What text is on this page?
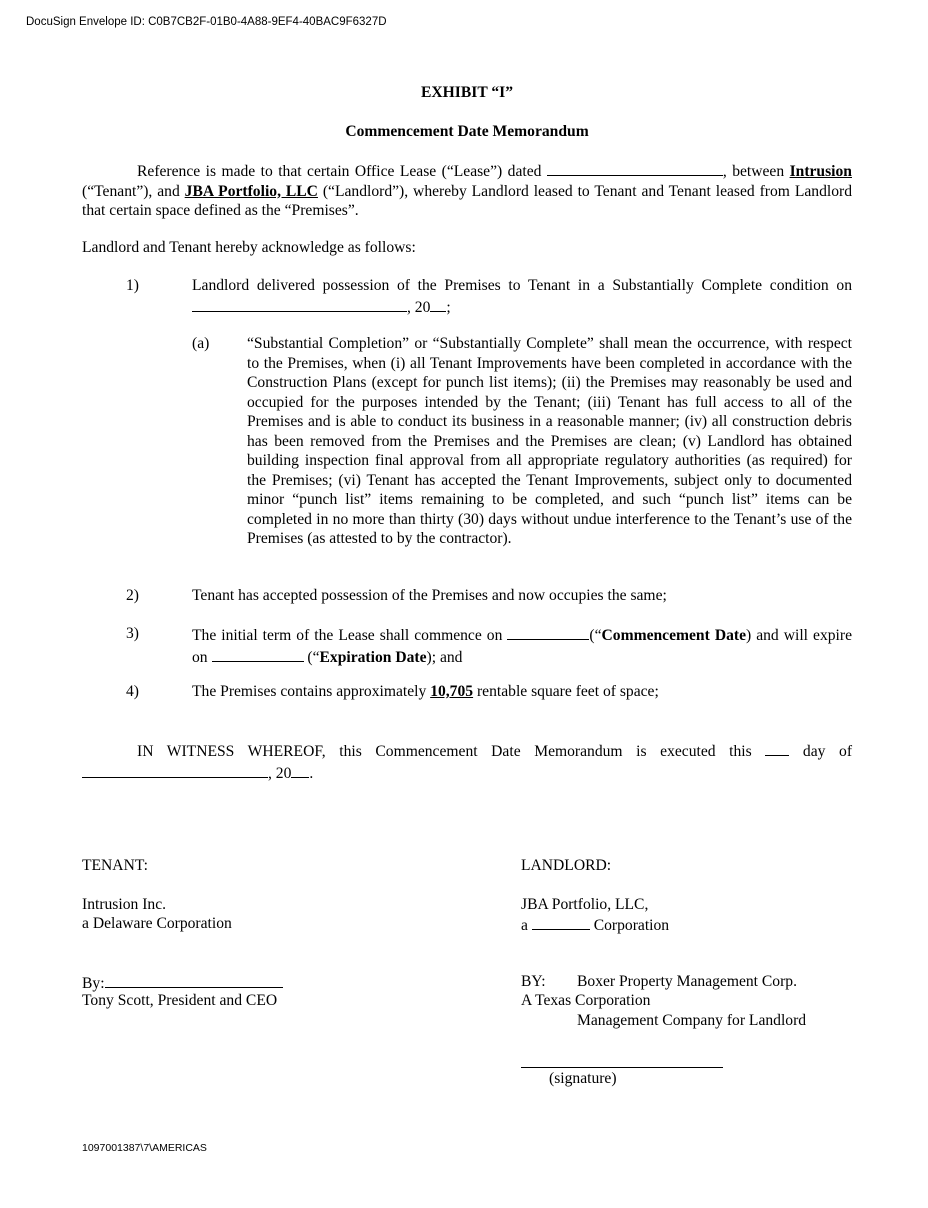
DocuSign Envelope ID: C0B7CB2F-01B0-4A88-9EF4-40BAC9F6327D
EXHIBIT “I”
Commencement Date Memorandum
Reference is made to that certain Office Lease (“Lease”) dated	, between Intrusion (“Tenant”), and JBA Portfolio, LLC (“Landlord”), whereby Landlord leased to Tenant and Tenant leased from Landlord that certain space defined as the “Premises”.
Landlord and Tenant hereby acknowledge as follows:
1)	Landlord delivered possession of the Premises to Tenant in a Substantially Complete condition on , 20 ;
(a)	“Substantial Completion” or “Substantially Complete” shall mean the occurrence, with respect to the Premises, when (i) all Tenant Improvements have been completed in accordance with the Construction Plans (except for punch list items); (ii) the Premises may reasonably be used and occupied for the purposes intended by the Tenant; (iii) Tenant has full access to all of the Premises and is able to conduct its business in a reasonable manner; (iv) all construction debris has been removed from the Premises and the Premises are clean; (v) Landlord has obtained building inspection final approval from all appropriate regulatory authorities (as required) for the Premises; (vi) Tenant has accepted the Tenant Improvements, subject only to documented minor “punch list” items remaining to be completed, and such “punch list” items can be completed in no more than thirty (30) days without undue interference to the Tenant’s use of the Premises (as attested to by the contractor).
2)	Tenant has accepted possession of the Premises and now occupies the same;
3)	The initial term of the Lease shall commence on	(“Commencement Date) and will expire on	(“Expiration Date); and
4)	The Premises contains approximately 10,705 rentable square feet of space;
IN WITNESS WHEREOF, this Commencement Date Memorandum is executed this	day of , 20 .
TENANT:
Intrusion Inc.
a Delaware Corporation
By:
Tony Scott, President and CEO
LANDLORD:
JBA Portfolio, LLC,
a	Corporation
BY: Boxer Property Management Corp.
A Texas Corporation
Management Company for Landlord
(signature)
1097001387\7\AMERICAS
